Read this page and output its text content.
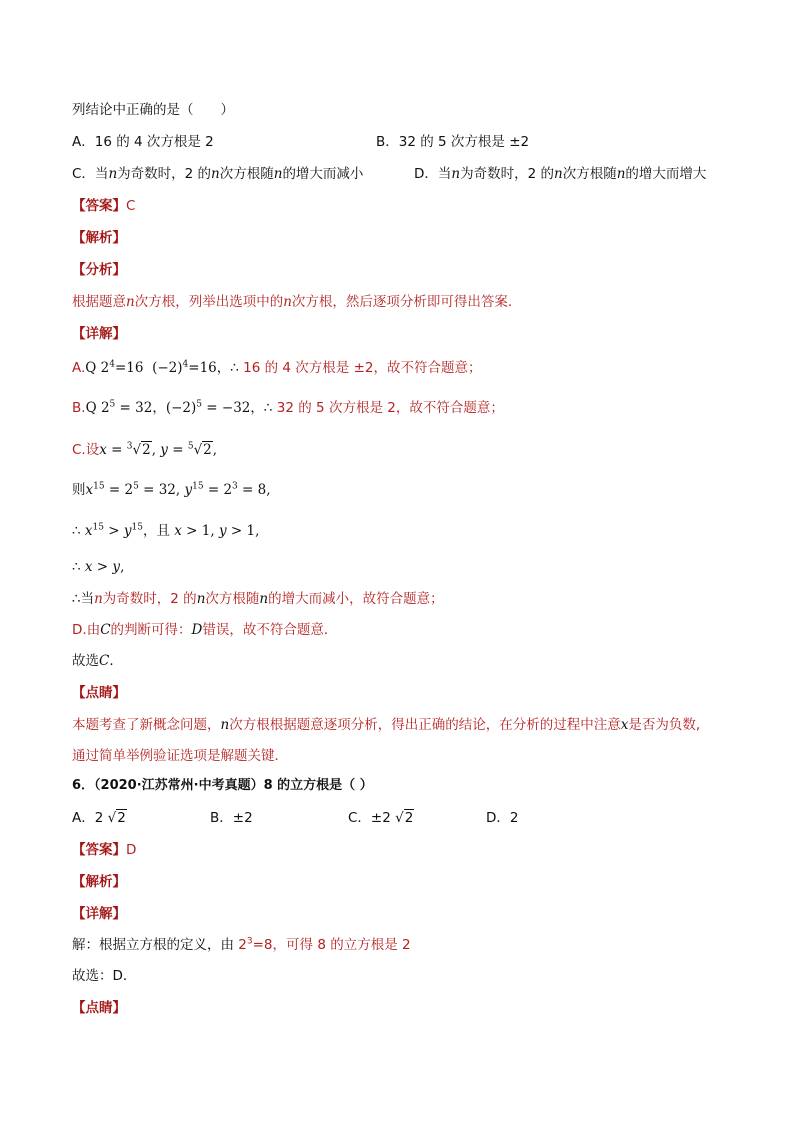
列结论中正确的是（　　）
A．16 的 4 次方根是 2	B．32 的 5 次方根是 ±2
C．当n为奇数时，2 的n次方根随n的增大而减小	D．当n为奇数时，2 的n次方根随n的增大而增大
【答案】C
【解析】
【分析】
根据题意n次方根，列举出选项中的n次方根，然后逐项分析即可得出答案．
【详解】
A.Q $2^4=16$ $(-2)^4=16$，∴ 16 的 4 次方根是 ±2，故不符合题意；
B.Q $2^5 = 32$，$(-2)^5 = -32$，∴ 32 的 5 次方根是 2，故不符合题意；
C.设x = $^3$√2, y = $^5$√2,
则$x^{15} = 2^5 = 32$, $y^{15} = 2^3 = 8$,
∴ $x^{15} > y^{15}$，且 x > 1, y > 1,
∴ x > y,
∴当n为奇数时，2 的n次方根随n的增大而减小，故符合题意；
D.由C的判断可得：D错误，故不符合题意．
故选C．
【点睛】
本题考查了新概念问题，n次方根根据题意逐项分析，得出正确的结论，在分析的过程中注意x是否为负数,
通过简单举例验证选项是解题关键．
6．（2020·江苏常州·中考真题）8 的立方根是（ ）
A．2 √2	B．±2	C．±2 √2	D．2
【答案】D
【解析】
【详解】
解：根据立方根的定义，由 $2^3=8$，可得 8 的立方根是 2
故选：D．
【点睛】
